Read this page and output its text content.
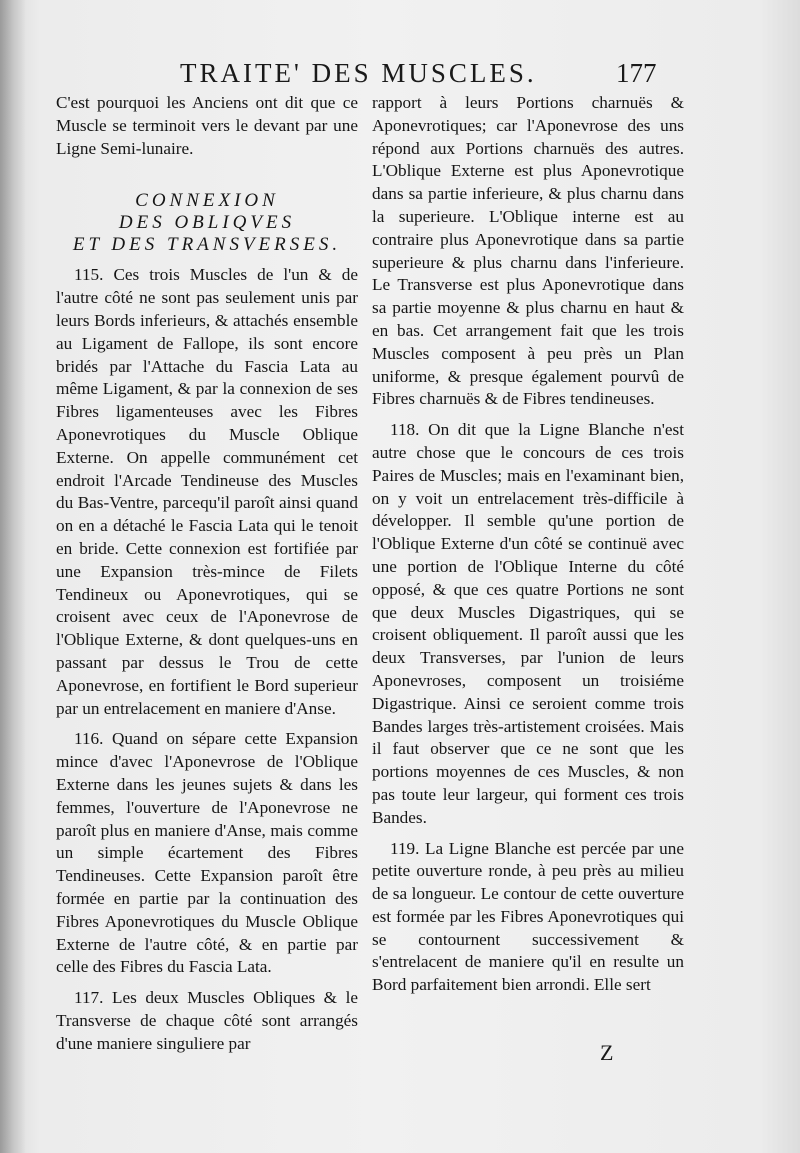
TRAITE' DES MUSCLES.	177

C'est pourquoi les Anciens ont dit que ce Muscle se terminoit vers le devant par une Ligne Semi-lunaire.

CONNEXION
DES OBLIQVES
ET DES TRANSVERSES.

115. Ces trois Muscles de l'un & de l'autre côté ne sont pas seulement unis par leurs Bords inferieurs, & attachés ensemble au Ligament de Fallope, ils sont encore bridés par l'Attache du Fascia Lata au même Ligament, & par la connexion de ses Fibres ligamenteuses avec les Fibres Aponevrotiques du Muscle Oblique Externe. On appelle communément cet endroit l'Arcade Tendineuse des Muscles du Bas-Ventre, parcequ'il paroît ainsi quand on en a détaché le Fascia Lata qui le tenoit en bride. Cette connexion est fortifiée par une Expansion très-mince de Filets Tendineux ou Aponevrotiques, qui se croisent avec ceux de l'Aponevrose de l'Oblique Externe, & dont quelques-uns en passant par dessus le Trou de cette Aponevrose, en fortifient le Bord superieur par un entrelacement en maniere d'Anse.

116. Quand on sépare cette Expansion mince d'avec l'Aponevrose de l'Oblique Externe dans les jeunes sujets & dans les femmes, l'ouverture de l'Aponevrose ne paroît plus en maniere d'Anse, mais comme un simple écartement des Fibres Tendineuses. Cette Expansion paroît être formée en partie par la continuation des Fibres Aponevrotiques du Muscle Oblique Externe de l'autre côté, & en partie par celle des Fibres du Fascia Lata.

117. Les deux Muscles Obliques & le Transverse de chaque côté sont arrangés d'une maniere singuliere par

rapport à leurs Portions charnuës & Aponevrotiques; car l'Aponevrose des uns répond aux Portions charnuës des autres. L'Oblique Externe est plus Aponevrotique dans sa partie inferieure, & plus charnu dans la superieure. L'Oblique interne est au contraire plus Aponevrotique dans sa partie superieure & plus charnu dans l'inferieure. Le Transverse est plus Aponevrotique dans sa partie moyenne & plus charnu en haut & en bas. Cet arrangement fait que les trois Muscles composent à peu près un Plan uniforme, & presque également pourvû de Fibres charnuës & de Fibres tendineuses.

118. On dit que la Ligne Blanche n'est autre chose que le concours de ces trois Paires de Muscles; mais en l'examinant bien, on y voit un entrelacement très-difficile à développer. Il semble qu'une portion de l'Oblique Externe d'un côté se continuë avec une portion de l'Oblique Interne du côté opposé, & que ces quatre Portions ne sont que deux Muscles Digastriques, qui se croisent obliquement. Il paroît aussi que les deux Transverses, par l'union de leurs Aponevroses, composent un troisiéme Digastrique. Ainsi ce seroient comme trois Bandes larges très-artistement croisées. Mais il faut observer que ce ne sont que les portions moyennes de ces Muscles, & non pas toute leur largeur, qui forment ces trois Bandes.

119. La Ligne Blanche est percée par une petite ouverture ronde, à peu près au milieu de sa longueur. Le contour de cette ouverture est formée par les Fibres Aponevrotiques qui se contournent successivement & s'entrelacent de maniere qu'il en resulte un Bord parfaitement bien arrondi. Elle sert

Z
